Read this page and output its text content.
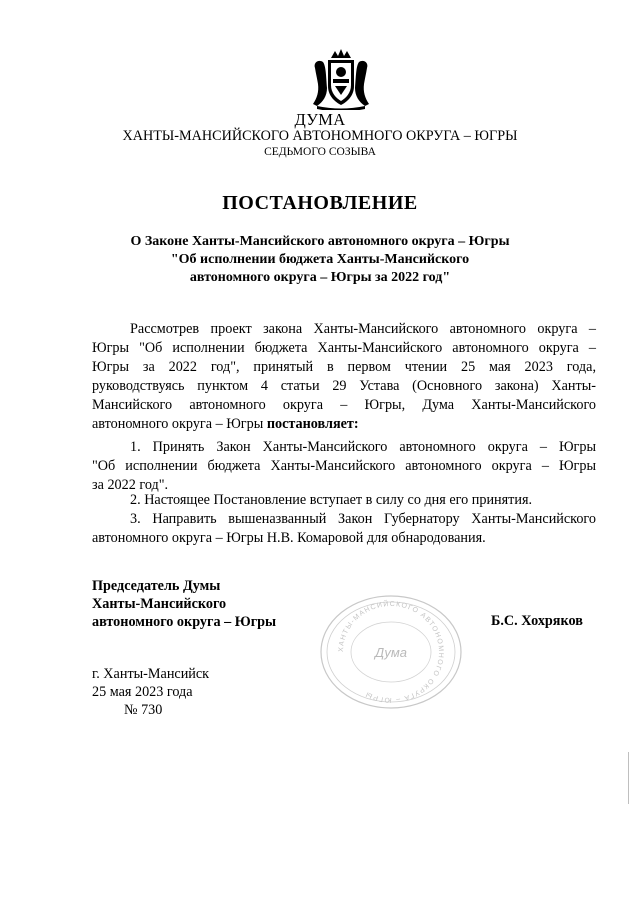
ДУМА
ХАНТЫ-МАНСИЙСКОГО АВТОНОМНОГО ОКРУГА – ЮГРЫ
СЕДЬМОГО СОЗЫВА
ПОСТАНОВЛЕНИЕ
О Законе Ханты-Мансийского автономного округа – Югры
"Об исполнении бюджета Ханты-Мансийского
автономного округа – Югры за 2022 год"
Рассмотрев проект закона Ханты-Мансийского автономного округа –
Югры "Об исполнении бюджета Ханты-Мансийского автономного округа –
Югры за 2022 год", принятый в первом чтении 25 мая 2023 года,
руководствуясь пунктом 4 статьи 29 Устава (Основного закона) Ханты-
Мансийского автономного округа – Югры, Дума Ханты-Мансийского
автономного округа – Югры постановляет:
1. Принять Закон Ханты-Мансийского автономного округа – Югры
"Об исполнении бюджета Ханты-Мансийского автономного округа – Югры
за 2022 год".
2. Настоящее Постановление вступает в силу со дня его принятия.
3. Направить вышеназванный Закон Губернатору Ханты-Мансийского
автономного округа – Югры Н.В. Комаровой для обнародования.
Председатель Думы
Ханты-Мансийского
автономного округа – Югры
ХАНТЫ-МАНСИЙСКОГО АВТОНОМНОГО ОКРУГА – ЮГРЫ
Дума
Б.С. Хохряков
г. Ханты-Мансийск
25 мая 2023 года
№ 730
